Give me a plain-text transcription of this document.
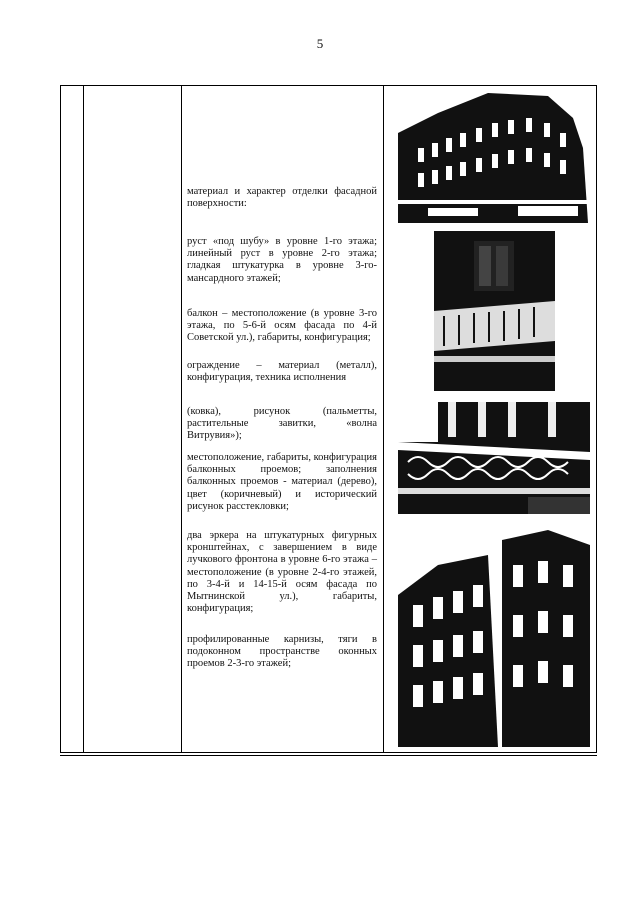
5

материал и характер отделки фасадной поверхности:

руст «под шубу» в уровне 1-го этажа; линейный руст в уровне 2-го этажа; гладкая штукатурка в уровне 3-го-мансардного этажей;

балкон – местоположение (в уровне 3-го этажа, по 5-6-й осям фасада по 4-й Советской ул.), габариты, конфигурация;

ограждение – материал (металл), конфигурация, техника исполнения

(ковка), рисунок (пальметты, растительные завитки, «волна Витрувия»);

местоположение, габариты, конфигурация балконных проемов; заполнения балконных проемов - материал (дерево), цвет (коричневый) и исторический рисунок расстекловки;

два эркера на штукатурных фигурных кронштейнах, с завершением в виде лучкового фронтона в уровне 6-го этажа – местоположение (в уровне 2-4-го этажей, по 3-4-й и 14-15-й осям фасада по Мытнинской ул.), габариты, конфигурация;

профилированные карнизы, тяги в подоконном пространстве оконных проемов 2-3-го этажей;
